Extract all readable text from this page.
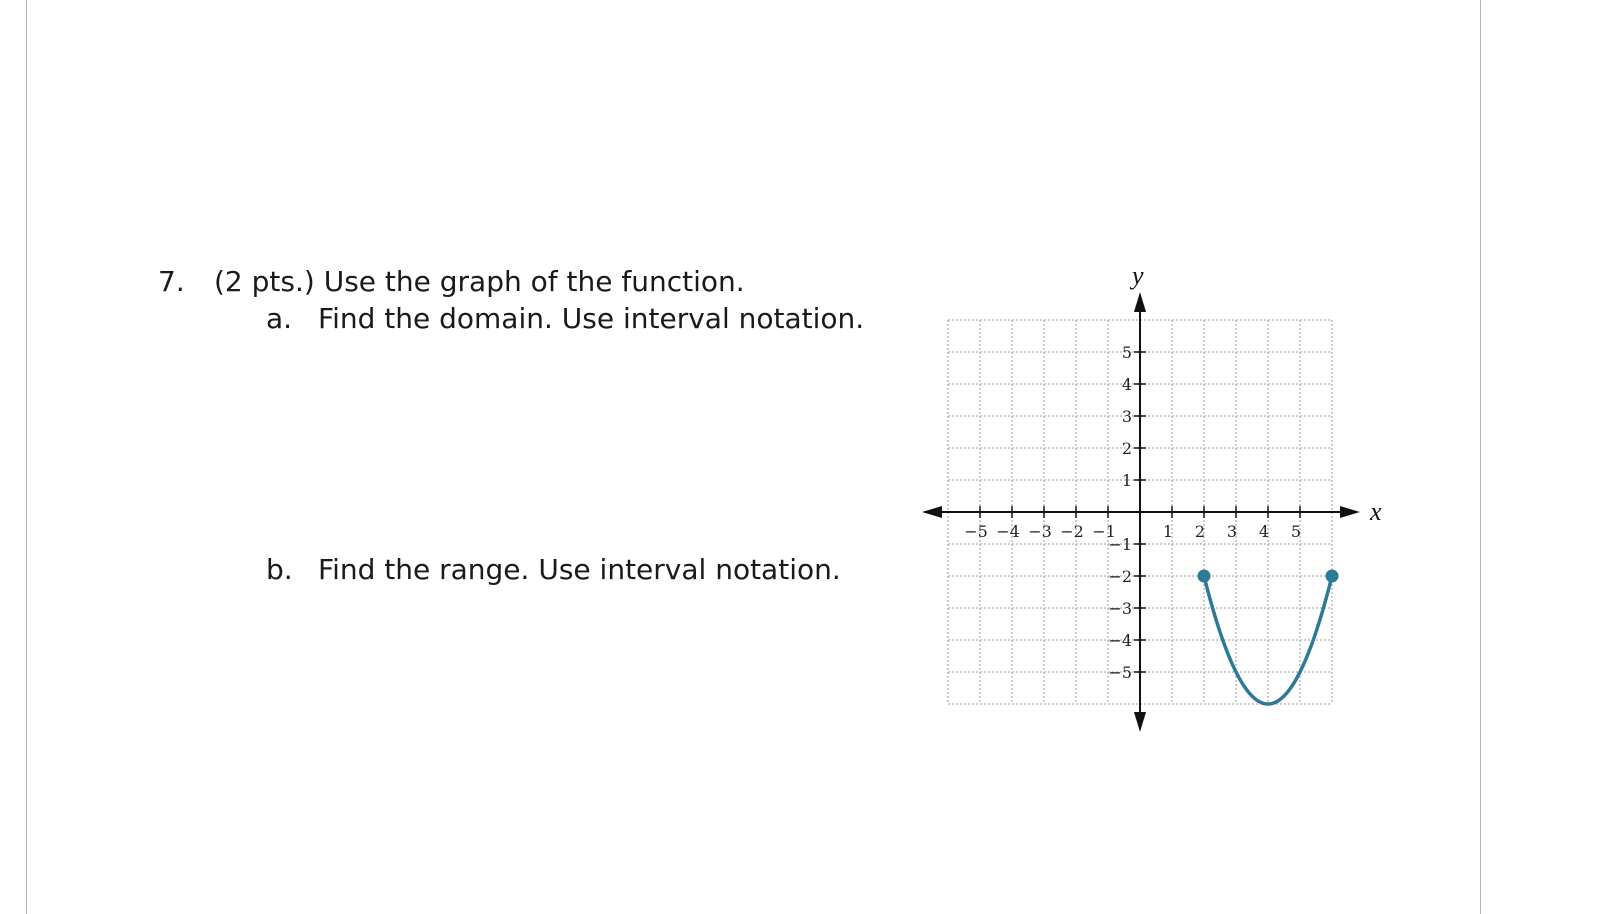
7. (2 pts.) Use the graph of the function.
a. Find the domain. Use interval notation.
b. Find the range. Use interval notation.
−5 −4 −3 −2 −1	1 2 3 4 5
5
4
3
2
1
−1
−2
−3
−4
−5
x
y
